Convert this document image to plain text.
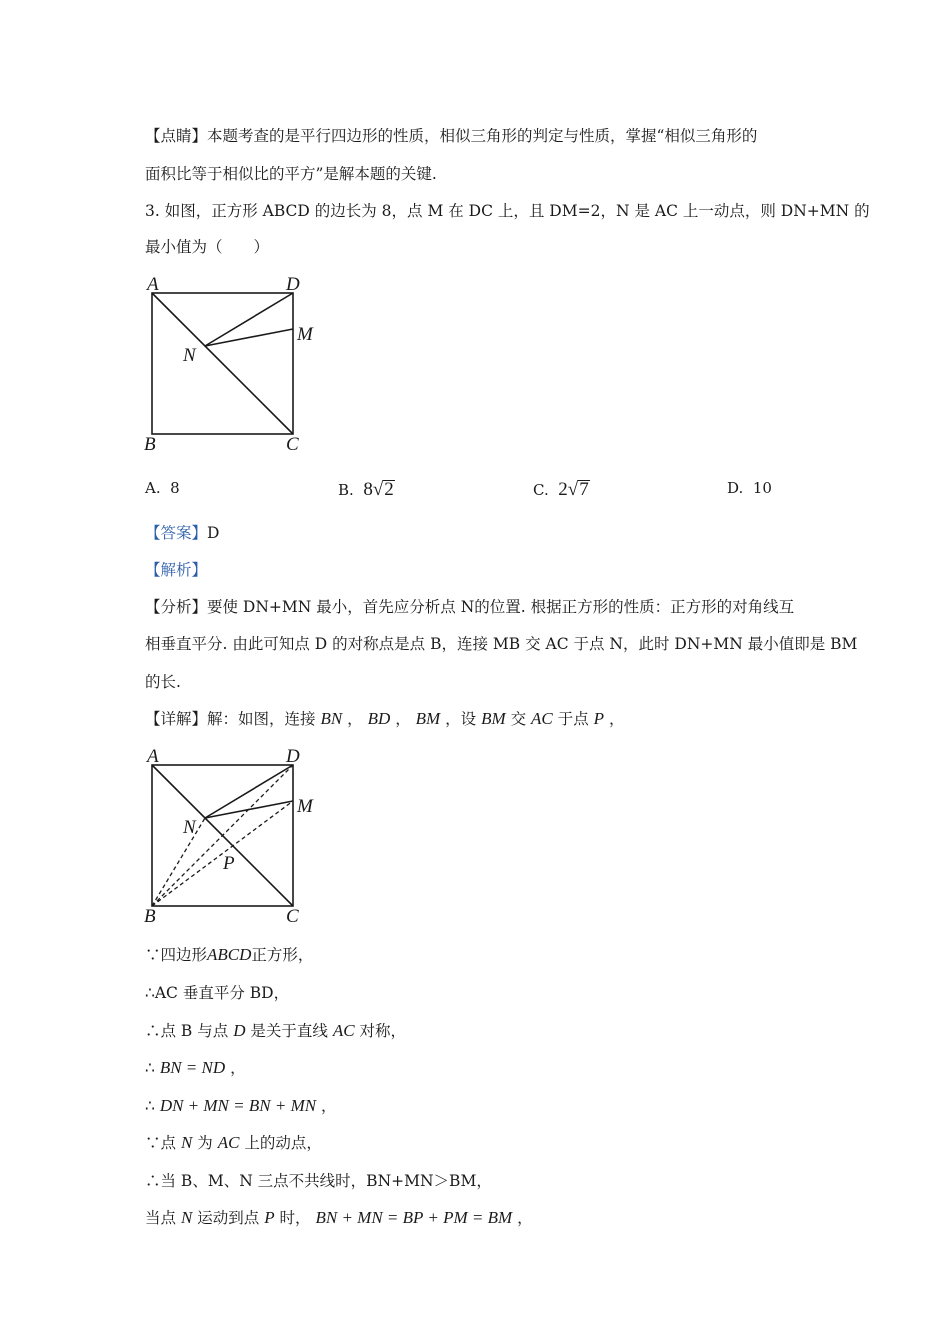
【点睛】本题考查的是平行四边形的性质，相似三角形的判定与性质，掌握“相似三角形的
面积比等于相似比的平方”是解本题的关键.
3. 如图，正方形 ABCD 的边长为 8，点 M 在 DC 上，且 DM=2，N 是 AC 上一动点，则 DN+MN 的
最小值为（　　）
A	D
M
N
B	C
A. 8	B. 8√2	C. 2√7	D. 10
【答案】D
【解析】
【分析】要使 DN+MN 最小，首先应分析点 N的位置. 根据正方形的性质：正方形的对角线互
相垂直平分. 由此可知点 D 的对称点是点 B，连接 MB 交 AC 于点 N，此时 DN+MN 最小值即是 BM
的长.
【详解】解：如图，连接 BN ， BD ， BM ，设 BM 交 AC 于点 P ，
A	D
M
N
P
B	C
∵四边形ABCD正方形，
∴AC 垂直平分 BD，
∴点 B 与点 D 是关于直线 AC 对称，
∴ BN = ND ，
∴ DN + MN = BN + MN ，
∵点 N 为 AC 上的动点，
∴当 B、M、N 三点不共线时，BN+MN＞BM，
当点 N 运动到点 P 时， BN + MN = BP + PM = BM ，
